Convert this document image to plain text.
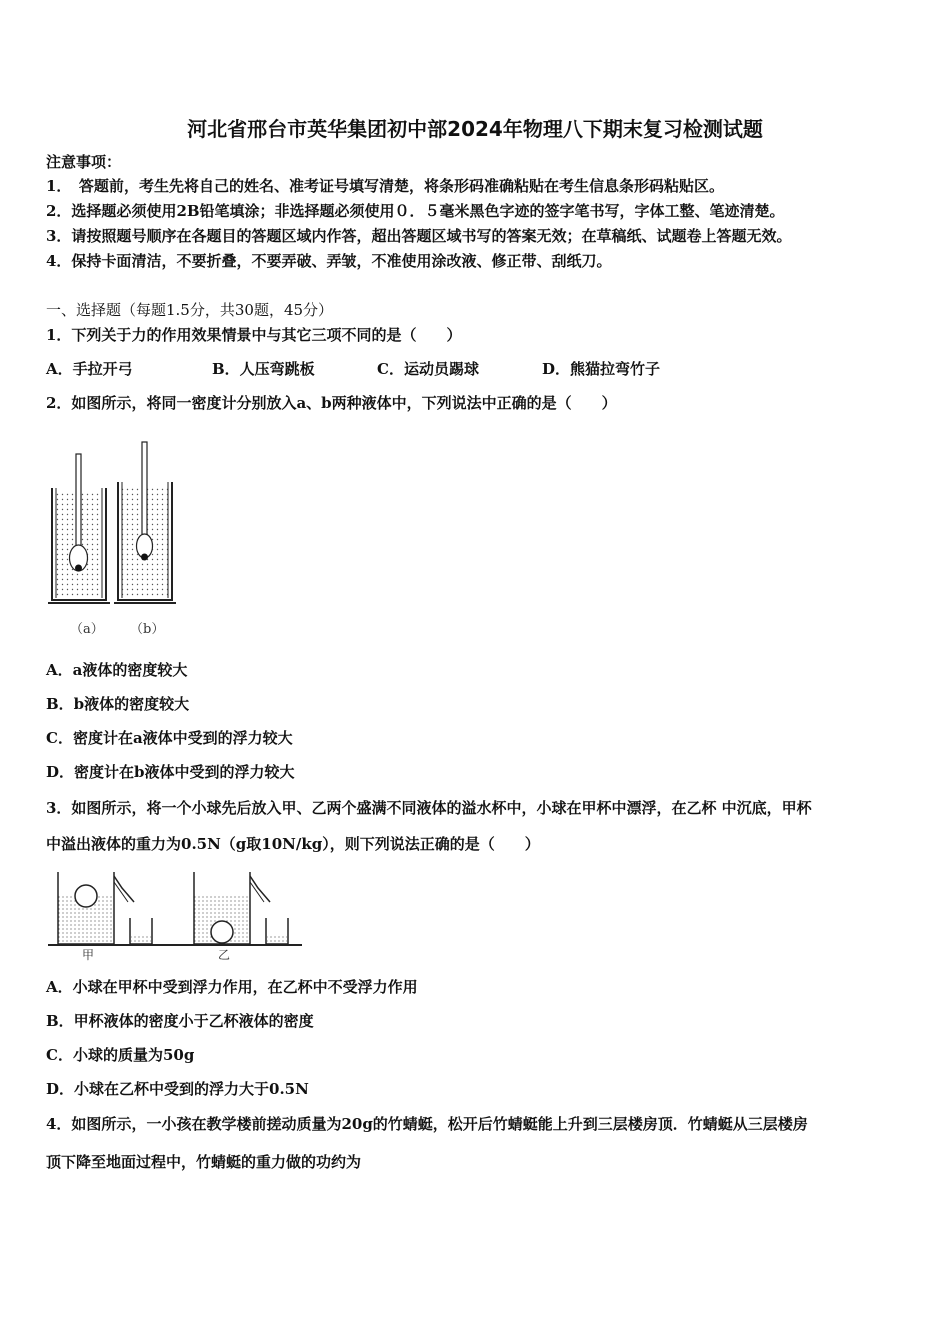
河北省邢台市英华集团初中部2024年物理八下期末复习检测试题
注意事项：
1．　答题前，考生先将自己的姓名、准考证号填写清楚，将条形码准确粘贴在考生信息条形码粘贴区。
2．选择题必须使用2B铅笔填涂；非选择题必须使用０．５毫米黑色字迹的签字笔书写，字体工整、笔迹清楚。
3．请按照题号顺序在各题目的答题区域内作答，超出答题区域书写的答案无效；在草稿纸、试题卷上答题无效。
4．保持卡面清洁，不要折叠，不要弄破、弄皱，不准使用涂改液、修正带、刮纸刀。
一、选择题（每题1.5分，共30题，45分）
1．下列关于力的作用效果情景中与其它三项不同的是（　　）
A．手拉开弓	B．人压弯跳板	C．运动员踢球	D．熊猫拉弯竹子
2．如图所示，将同一密度计分别放入a、b两种液体中，下列说法中正确的是（　　）
（a） （b）
A．a液体的密度较大
B．b液体的密度较大
C．密度计在a液体中受到的浮力较大
D．密度计在b液体中受到的浮力较大
3．如图所示，将一个小球先后放入甲、乙两个盛满不同液体的溢水杯中，小球在甲杯中漂浮，在乙杯 中沉底，甲杯
中溢出液体的重力为0.5N（g取10N/kg），则下列说法正确的是（　　）
甲	乙
A．小球在甲杯中受到浮力作用，在乙杯中不受浮力作用
B．甲杯液体的密度小于乙杯液体的密度
C．小球的质量为50g
D．小球在乙杯中受到的浮力大于0.5N
4．如图所示，一小孩在教学楼前搓动质量为20g的竹蜻蜓，松开后竹蜻蜓能上升到三层楼房顶．竹蜻蜓从三层楼房
顶下降至地面过程中，竹蜻蜓的重力做的功约为
